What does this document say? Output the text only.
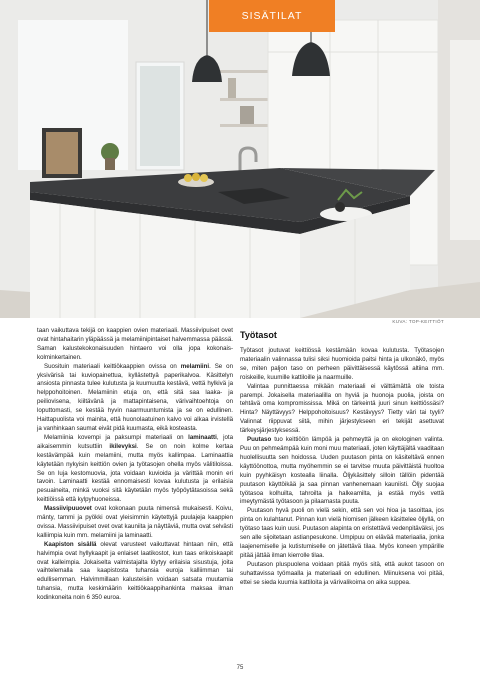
SISÄTILAT
KUVA: TOP-KEITTIÖT

taan vaikuttava tekijä on kaappien ovien materiaali. Massiivipuiset ovet ovat hintahaitarin yläpäässä ja melamiinipintaiset halvemmassa päässä. Saman kalustekokonaisuuden hintaero voi olla jopa kokonais- kolminkertainen.

Suosituin materiaali keittiökaappien ovissa on melamiini. Se on yksivärisä tai kuviopainettua, kyllästettyä paperikalvoa. Käsittelyn ansiosta pinnasta tulee kulutusta ja kuumuutta kestävä, vettä hylkivä ja helppohoitoinen. Melamiinin etuja on, että sitä saa laaka- ja peiliovisena, kiiltävänä ja mattapintaisena, värivaihtoehtoja on loputtomasti, se kestää hyvin naarmuuntumista ja se on edullinen. Haittapuolista voi mainita, että huonolaatuinen kalvo voi alkaa irvistellä ja vanhinkaan saumat eivät pidä kuumasta, eikä kosteasta.

Melamiinia kovempi ja paksumpi materiaali on laminaatti, jota aikaisemmin kutsuttiin ikilevyksi. Se on noin kolme kertaa kestävämpää kuin melamiini, mutta myös kallimpaa. Laminaattia käytetään nykyisin keittiön ovien ja työtasojen ohella myös välitiloissa. Se on luja kestomuovia, jota voidaan kuvioida ja värittää monin eri tavoin. Laminaatti kestää ennomaisesti kovaa kulutusta ja erilaisia pesuaineita, minkä vuoksi sitä käytetään myös työpöytätasoissa sekä keittiöissä että kylpyhuoneissa.

Massiivipuuovet ovat kokonaan puuta nimensä mukaisesti. Koivu, mänty, tammi ja pyökki ovat yleisimmin käytettyjä puulajeja kaappien ovissa. Massiivipuiset ovet ovat kauniita ja näyttäviä, mutta ovat selvästi kalliimpia kuin mm. melamiini ja laminaatti.

Kaapiston sisällä olevat varusteet vaikuttavat hintaan niin, että halvimpia ovat hyllykaapit ja enlaiset laatikostot, kun taas erikoiskaapit ovat kalleimpia. Jokaiselta valmistajalta löytyy erilaisia sisustuja, joita vaihtelemalla saa kaapistosta tuhansia euroja kalliimman tai edullisemman. Halvimmillaan kalusteisiin voidaan satsata muutamia tuhansia, mutta keskimäärin keittiökaappihankinta maksaa ilman kodinkoneita noin 6 350 euroa.

Työtasot

Työtasot joutuvat keittiössä kestämään kovaa kulutusta. Työtasojen materiaalin valinnassa tulisi siksi huomioida paitsi hinta ja ulkonäkö, myös se, miten paljon taso on perheen päivittäisessä käytössä altiina mm. roiskeille, kuumille kattiloille ja naarmuille.

Valintaa punnittaessa mikään materiaali ei välttämättä ole toista parempi. Jokaisella materiaalilla on hyviä ja huonoja puolia, joista on tehtävä oma kompromississa. Mikä on tärkeintä juuri sinun keittiössäsi? Hinta? Näyttävyys? Helppohoitoisuus? Kestävyys? Tietty väri tai tyyli? Valinnat riippuvat siitä, mihin järjestykseen eri tekijät asettuvat tärkeysjärjestyksessä.

Puutaso tuo keittiöön lämpöä ja pehmeyttä ja on ekologinen valinta. Puu on pehmeämpää kuin moni muu materiaali, joten käyttäjältä vaaditaan huolellisuutta sen hoidossa. Uuden puutason pinta on käsiteltävä ennen käyttöönottoa, mutta myöhemmin se ei tarvitse muuta päivittäistä huoltoa kuin pyyhkäisyn kostealla liinalla. Öljykäsittely silloin tällöin pidentää puutason käyttöikää ja saa pinnan vanhenemaan kauniisti. Öljy suojaa työtasoa kolhuilta, tahroilta ja halkeamilta, ja estää myös vettä imeytymästä työtasoon ja pilaamasta puuta.

Puutason hyvä puoli on vielä sekin, että sen voi hioa ja tasoittaa, jos pinta on kulahtanut. Pinnan kun vielä hiomisen jälkeen käsittelee öljyllä, on työtaso taas kuin uusi. Puutason alapinta on eristettävä vedenpitäväksi, jos sen alle sijoitetaan astianpesukone. Umpipuu on elävää materiaalia, jonka laajenemiselle ja kutistumiselle on jätettävä tilaa. Myös koneen ympärille pitää jättää ilman kierrolle tilaa.

Puutason pluspuolena voidaan pitää myös sitä, että aukot tasoon on suhattavissa työmaalla ja materiaali on edullinen. Miinuksena voi pitää, ettei se sieda kuumia kattiloita ja värivalikoima on aika suppea.

75
